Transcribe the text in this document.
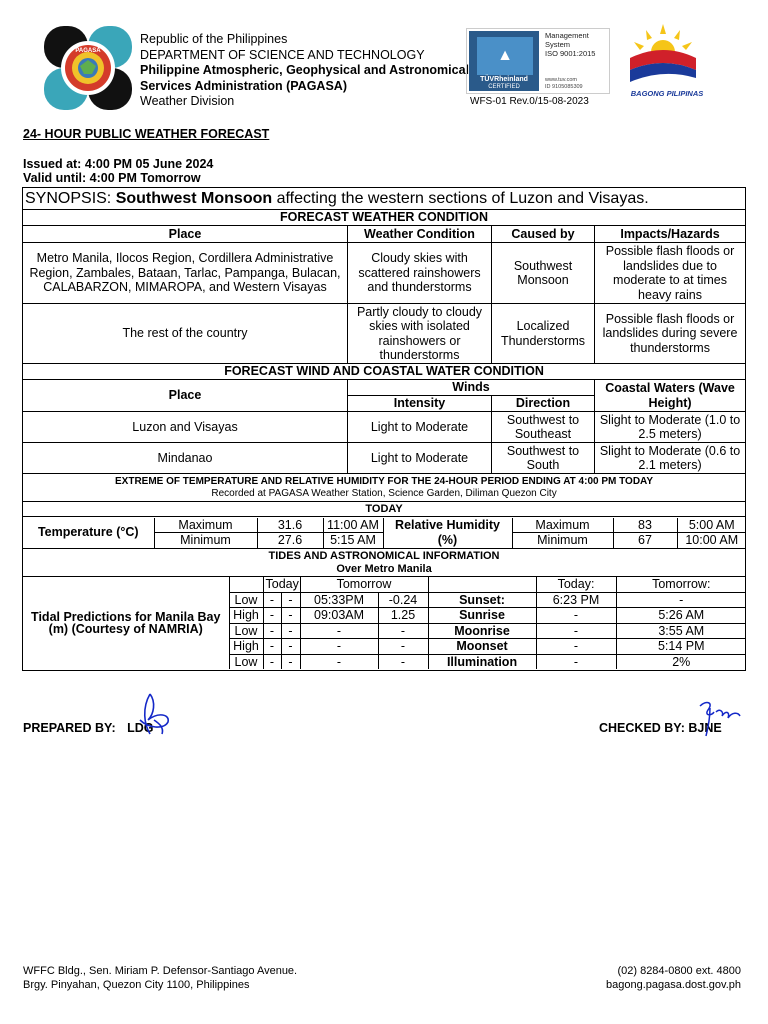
PAGASA
Republic of the Philippines
DEPARTMENT OF SCIENCE AND TECHNOLOGY
Philippine Atmospheric, Geophysical and Astronomical
Services Administration (PAGASA)
Weather Division
▲
TÜVRheinland
CERTIFIED
Management
System
ISO 9001:2015
www.tuv.com
ID 9105085309
WFS-01 Rev.0/15-08-2023
BAGONG PILIPINAS
24- HOUR PUBLIC WEATHER FORECAST
Issued at: 4:00 PM 05 June 2024
Valid until: 4:00 PM Tomorrow
SYNOPSIS: Southwest Monsoon affecting the western sections of Luzon and Visayas.
FORECAST WEATHER CONDITION
Place	Weather Condition	Caused by	Impacts/Hazards
Metro Manila, Ilocos Region, Cordillera Administrative Region, Zambales, Bataan, Tarlac, Pampanga, Bulacan, CALABARZON, MIMAROPA, and Western Visayas	Cloudy skies with scattered rainshowers and thunderstorms	Southwest Monsoon	Possible flash floods or landslides due to moderate to at times heavy rains
The rest of the country	Partly cloudy to cloudy skies with isolated rainshowers or thunderstorms	Localized Thunderstorms	Possible flash floods or landslides during severe thunderstorms
FORECAST WIND AND COASTAL WATER CONDITION
Place	Winds	Coastal Waters (Wave Height)
Intensity	Direction
Luzon and Visayas	Light to Moderate	Southwest to Southeast	Slight to Moderate (1.0 to 2.5 meters)
Mindanao	Light to Moderate	Southwest to South	Slight to Moderate (0.6 to 2.1 meters)

EXTREME OF TEMPERATURE AND RELATIVE HUMIDITY FOR THE 24-HOUR PERIOD ENDING AT 4:00 PM TODAY
Recorded at PAGASA Weather Station, Science Garden, Diliman Quezon City

TODAY

Temperature (°C)	Maximum	31.6	11:00 AM	Relative Humidity (%)	Maximum	83	5:00 AM
Minimum	27.6	5:15 AM	Minimum	67	10:00 AM

TIDES AND ASTRONOMICAL INFORMATION
Over Metro Manila

Tidal Predictions for Manila Bay (m) (Courtesy of NAMRIA)		Today	Tomorrow		Today:	Tomorrow:
Low	-	-	05:33PM	-0.24	Sunset:	6:23 PM	-
High	-	-	09:03AM	1.25	Sunrise	-	5:26 AM
Low	-	-	-	-	Moonrise	-	3:55 AM
High	-	-	-	-	Moonset	-	5:14 PM
Low	-	-	-	-	Illumination	-	2%
PREPARED BY: LDG	CHECKED BY: BJNE
WFFC Bldg., Sen. Miriam P. Defensor-Santiago Avenue.
Brgy. Pinyahan, Quezon City 1100, Philippines
(02) 8284-0800 ext. 4800
bagong.pagasa.dost.gov.ph
